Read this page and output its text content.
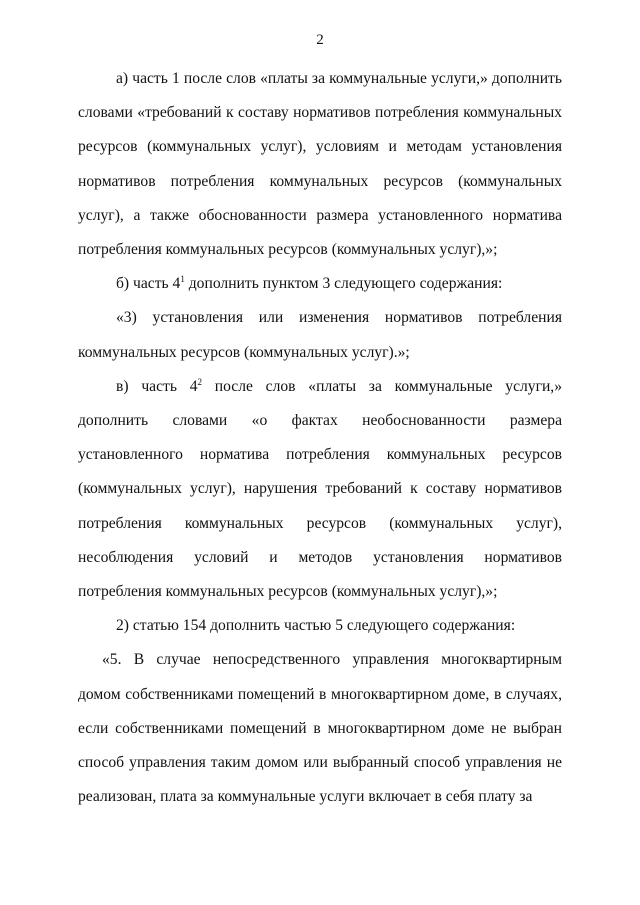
2

а) часть 1 после слов «платы за коммунальные услуги,» дополнить словами «требований к составу нормативов потребления коммунальных ресурсов (коммунальных услуг), условиям и методам установления нормативов потребления коммунальных ресурсов (коммунальных услуг), а также обоснованности размера установленного норматива потребления коммунальных ресурсов (коммунальных услуг),»;

б) часть $4^1$ дополнить пунктом 3 следующего содержания:

«3) установления или изменения нормативов потребления коммунальных ресурсов (коммунальных услуг).»;

в) часть $4^2$ после слов «платы за коммунальные услуги,» дополнить словами «о фактах необоснованности размера установленного норматива потребления коммунальных ресурсов (коммунальных услуг), нарушения требований к составу нормативов потребления коммунальных ресурсов (коммунальных услуг), несоблюдения условий и методов установления нормативов потребления коммунальных ресурсов (коммунальных услуг),»;

2) статью 154 дополнить частью 5 следующего содержания:

«5. В случае непосредственного управления многоквартирным домом собственниками помещений в многоквартирном доме, в случаях, если собственниками помещений в многоквартирном доме не выбран способ управления таким домом или выбранный способ управления не реализован, плата за коммунальные услуги включает в себя плату за
